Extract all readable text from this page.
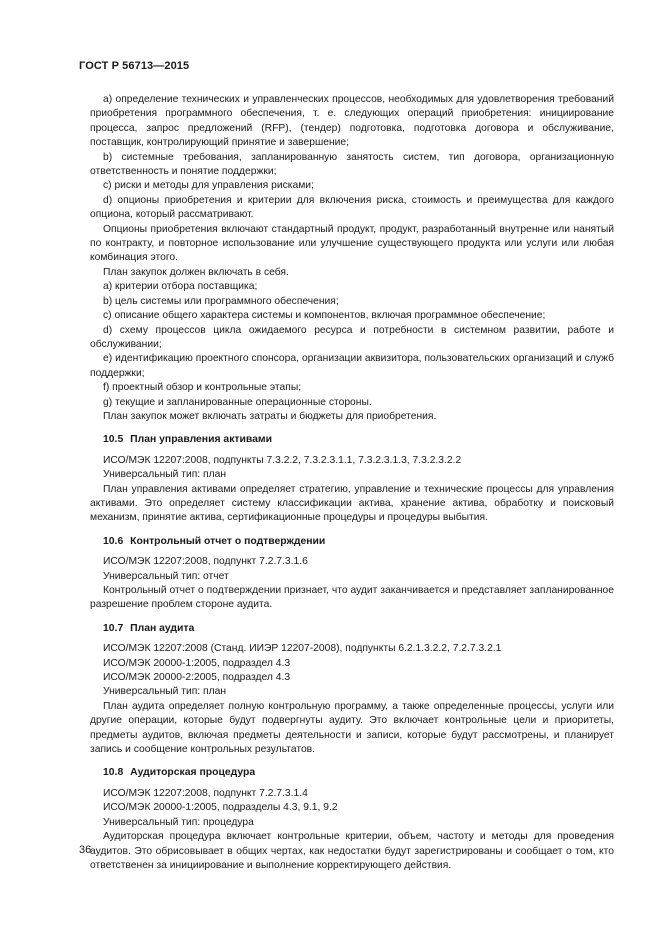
ГОСТ Р 56713—2015

a) определение технических и управленческих процессов, необходимых для удовлетворения требований приобретения программного обеспечения, т. е. следующих операций приобретения: инициирование процесса, запрос предложений (RFP), (тендер) подготовка, подготовка договора и обслуживание, поставщик, контролирующий принятие и завершение;

b) системные требования, запланированную занятость систем, тип договора, организационную ответственность и понятие поддержки;

c) риски и методы для управления рисками;

d) опционы приобретения и критерии для включения риска, стоимость и преимущества для каждого опциона, который рассматривают.

Опционы приобретения включают стандартный продукт, продукт, разработанный внутренне или нанятый по контракту, и повторное использование или улучшение существующего продукта или услуги или любая комбинация этого.

План закупок должен включать в себя.

a) критерии отбора поставщика;

b) цель системы или программного обеспечения;

c) описание общего характера системы и компонентов, включая программное обеспечение;

d) схему процессов цикла ожидаемого ресурса и потребности в системном развитии, работе и обслуживании;

e) идентификацию проектного спонсора, организации аквизитора, пользовательских организаций и служб поддержки;

f) проектный обзор и контрольные этапы;

g) текущие и запланированные операционные стороны.

План закупок может включать затраты и бюджеты для приобретения.

10.5 План управления активами

ИСО/МЭК 12207:2008, подпункты 7.3.2.2, 7.3.2.3.1.1, 7.3.2.3.1.3, 7.3.2.3.2.2

Универсальный тип: план

План управления активами определяет стратегию, управление и технические процессы для управления активами. Это определяет систему классификации актива, хранение актива, обработку и поисковый механизм, принятие актива, сертификационные процедуры и процедуры выбытия.

10.6 Контрольный отчет о подтверждении

ИСО/МЭК 12207:2008, подпункт 7.2.7.3.1.6

Универсальный тип: отчет

Контрольный отчет о подтверждении признает, что аудит заканчивается и представляет запланированное разрешение проблем стороне аудита.

10.7 План аудита

ИСО/МЭК 12207:2008 (Станд. ИИЭР 12207-2008), подпункты 6.2.1.3.2.2, 7.2.7.3.2.1

ИСО/МЭК 20000-1:2005, подраздел 4.3

ИСО/МЭК 20000-2:2005, подраздел 4.3

Универсальный тип: план

План аудита определяет полную контрольную программу, а также определенные процессы, услуги или другие операции, которые будут подвергнуты аудиту. Это включает контрольные цели и приоритеты, предметы аудитов, включая предметы деятельности и записи, которые будут рассмотрены, и планирует запись и сообщение контрольных результатов.

10.8 Аудиторская процедура

ИСО/МЭК 12207:2008, подпункт 7.2.7.3.1.4

ИСО/МЭК 20000-1:2005, подразделы 4.3, 9.1, 9.2

Универсальный тип: процедура

Аудиторская процедура включает контрольные критерии, объем, частоту и методы для проведения аудитов. Это обрисовывает в общих чертах, как недостатки будут зарегистрированы и сообщает о том, кто ответственен за инициирование и выполнение корректирующего действия.

36
